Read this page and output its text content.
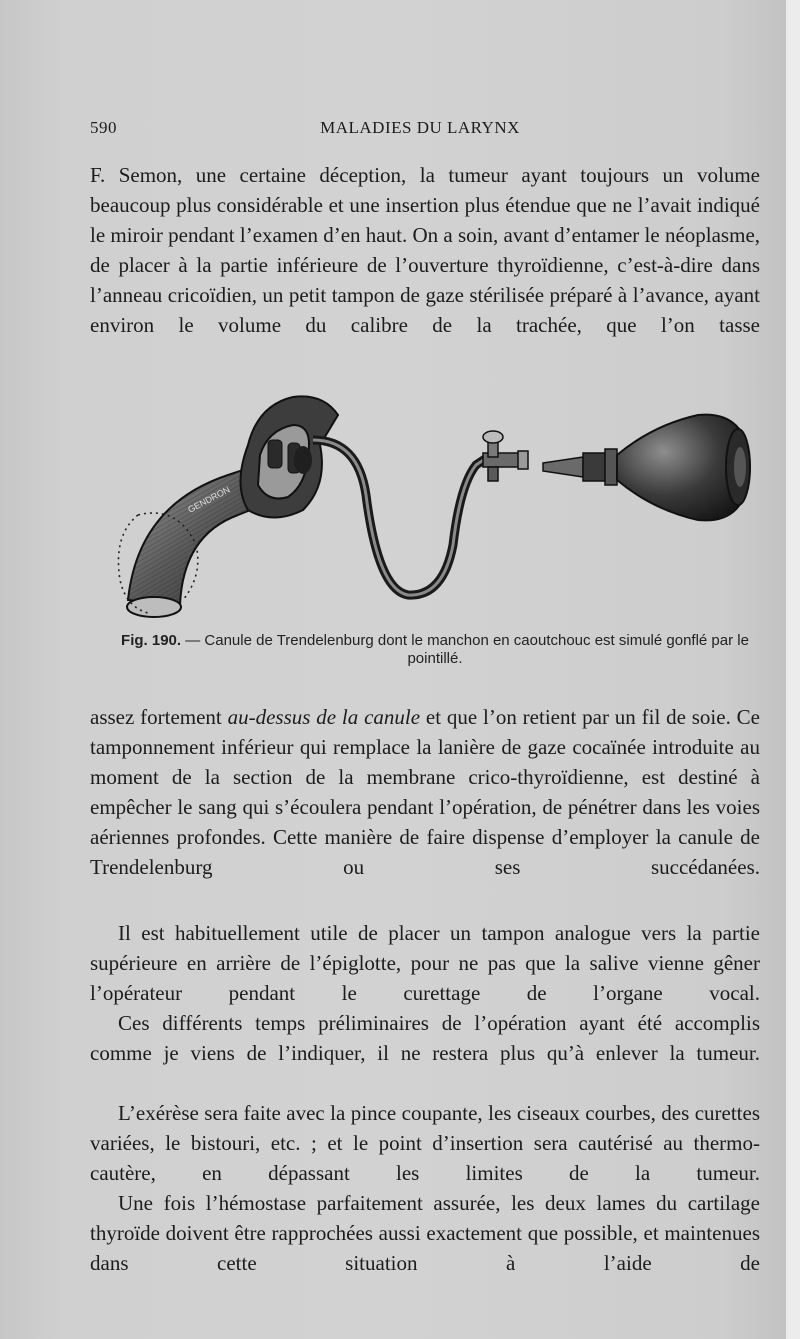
590	MALADIES DU LARYNX

F. Semon, une certaine déception, la tumeur ayant toujours un volume beaucoup plus considérable et une insertion plus étendue que ne l’avait indiqué le miroir pendant l’examen d’en haut. On a soin, avant d’entamer le néoplasme, de placer à la partie inférieure de l’ouverture thyroïdienne, c’est-à-dire dans l’anneau cricoïdien, un petit tampon de gaze stérilisée préparé à l’avance, ayant environ le volume du calibre de la trachée, que l’on tasse

GENDRON
Fig. 190. — Canule de Trendelenburg dont le manchon en caoutchouc est simulé gonflé par le pointillé.

assez fortement au-dessus de la canule et que l’on retient par un fil de soie. Ce tamponnement inférieur qui remplace la lanière de gaze cocaïnée introduite au moment de la section de la membrane crico-thyroïdienne, est destiné à empêcher le sang qui s’écoulera pendant l’opération, de pénétrer dans les voies aériennes profondes. Cette manière de faire dispense d’employer la canule de Trendelenburg ou ses succédanées.

Il est habituellement utile de placer un tampon analogue vers la partie supérieure en arrière de l’épiglotte, pour ne pas que la salive vienne gêner l’opérateur pendant le curettage de l’organe vocal.

Ces différents temps préliminaires de l’opération ayant été accomplis comme je viens de l’indiquer, il ne restera plus qu’à enlever la tumeur.

L’exérèse sera faite avec la pince coupante, les ciseaux courbes, des curettes variées, le bistouri, etc. ; et le point d’insertion sera cautérisé au thermo-cautère, en dépassant les limites de la tumeur.

Une fois l’hémostase parfaitement assurée, les deux lames du cartilage thyroïde doivent être rapprochées aussi exactement que possible, et maintenues dans cette situation à l’aide de
